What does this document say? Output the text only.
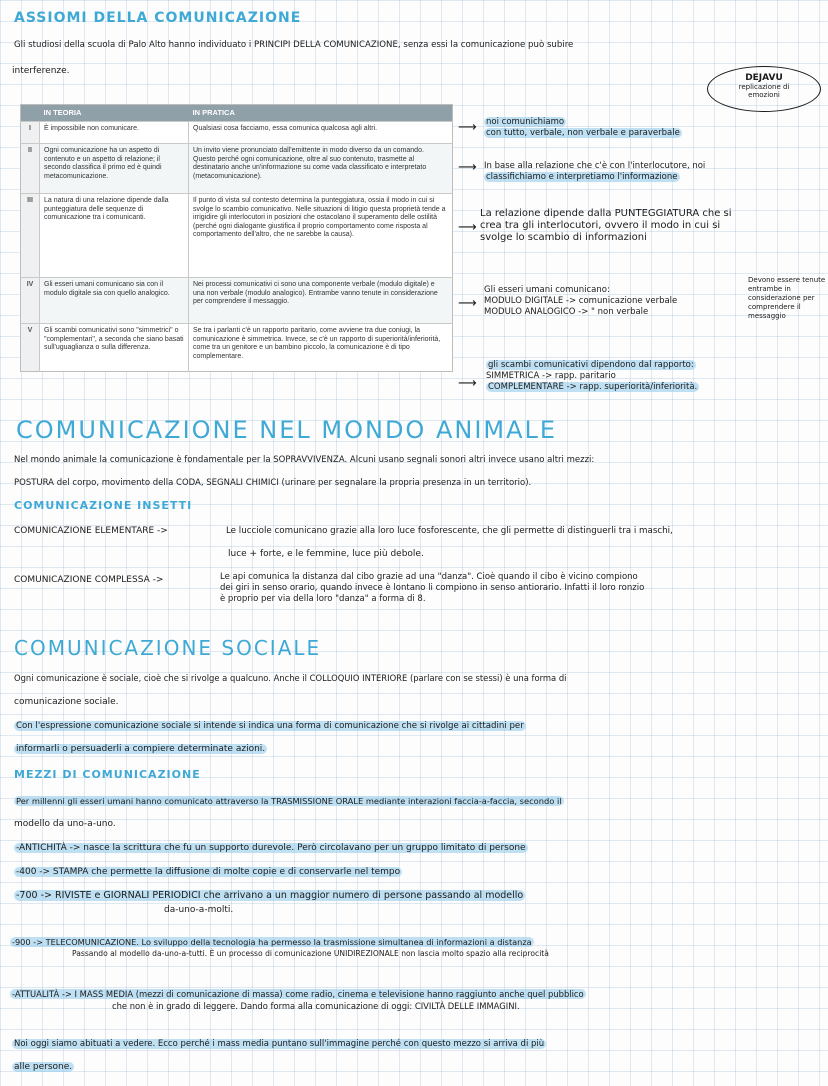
ASSIOMI DELLA COMUNICAZIONE
Gli studiosi della scuola di Palo Alto hanno individuato i PRINCIPI DELLA COMUNICAZIONE, senza essi la comunicazione può subire
interferenze.
DEJAVU
replicazione di emozioni
	IN TEORIA	IN PRATICA
I	È impossibile non comunicare.	Qualsiasi cosa facciamo, essa comunica qualcosa agli altri.
II	Ogni comunicazione ha un aspetto di contenuto e un aspetto di relazione; il secondo classifica il primo ed è quindi metacomunicazione.	Un invito viene pronunciato dall'emittente in modo diverso da un comando. Questo perché ogni comunicazione, oltre al suo contenuto, trasmette al destinatario anche un'informazione su come vada classificato e interpretato (metacomunicazione).
III	La natura di una relazione dipende dalla punteggiatura delle sequenze di comunicazione tra i comunicanti.	Il punto di vista sul contesto determina la punteggiatura, ossia il modo in cui si svolge lo scambio comunicativo. Nelle situazioni di litigio questa proprietà tende a irrigidire gli interlocutori in posizioni che ostacolano il superamento delle ostilità (perché ogni dialogante giustifica il proprio comportamento come risposta al comportamento dell'altro, che ne sarebbe la causa).
IV	Gli esseri umani comunicano sia con il modulo digitale sia con quello analogico.	Nei processi comunicativi ci sono una componente verbale (modulo digitale) e una non verbale (modulo analogico). Entrambe vanno tenute in considerazione per comprendere il messaggio.
V	Gli scambi comunicativi sono "simmetrici" o "complementari", a seconda che siano basati sull'uguaglianza o sulla differenza.	Se tra i parlanti c'è un rapporto paritario, come avviene tra due coniugi, la comunicazione è simmetrica. Invece, se c'è un rapporto di superiorità/inferiorità, come tra un genitore e un bambino piccolo, la comunicazione è di tipo complementare.
⟶ noi comunichiamo
con tutto, verbale, non verbale e paraverbale
⟶ In base alla relazione che c'è con l'interlocutore, noi
classifichiamo e interpretiamo l'informazione
⟶
La relazione dipende dalla PUNTEGGIATURA che si
crea tra gli interlocutori, ovvero il modo in cui si
svolge lo scambio di informazioni
⟶
Gli esseri umani comunicano:
MODULO DIGITALE -> comunicazione verbale
MODULO ANALOGICO -> " non verbale
Devono essere tenute entrambe in considerazione per comprendere il messaggio
⟶
gli scambi comunicativi dipendono dal rapporto:
SIMMETRICA -> rapp. paritario
COMPLEMENTARE -> rapp. superiorità/inferiorità.
COMUNICAZIONE NEL MONDO ANIMALE
Nel mondo animale la comunicazione è fondamentale per la SOPRAVVIVENZA. Alcuni usano segnali sonori altri invece usano altri mezzi:
POSTURA del corpo, movimento della CODA, SEGNALI CHIMICI (urinare per segnalare la propria presenza in un territorio).
COMUNICAZIONE INSETTI
COMUNICAZIONE ELEMENTARE ->	Le lucciole comunicano grazie alla loro luce fosforescente, che gli permette di distinguerli tra i maschi,
luce + forte, e le femmine, luce più debole.
COMUNICAZIONE COMPLESSA ->	Le api comunica la distanza dal cibo grazie ad una "danza". Cioè quando il cibo è vicino compiono
dei giri in senso orario, quando invece è lontano li compiono in senso antiorario. Infatti il loro ronzio
è proprio per via della loro "danza" a forma di 8.
COMUNICAZIONE SOCIALE
Ogni comunicazione è sociale, cioè che si rivolge a qualcuno. Anche il COLLOQUIO INTERIORE (parlare con se stessi) è una forma di
comunicazione sociale.
Con l'espressione comunicazione sociale si intende si indica una forma di comunicazione che si rivolge ai cittadini per
informarli o persuaderli a compiere determinate azioni.
MEZZI DI COMUNICAZIONE
Per millenni gli esseri umani hanno comunicato attraverso la TRASMISSIONE ORALE mediante interazioni faccia-a-faccia, secondo il
modello da uno-a-uno.
-ANTICHITÀ -> nasce la scrittura che fu un supporto durevole. Però circolavano per un gruppo limitato di persone
-400 -> STAMPA che permette la diffusione di molte copie e di conservarle nel tempo
-700 -> RIVISTE e GIORNALI PERIODICI che arrivano a un maggior numero di persone passando al modello
da-uno-a-molti.
-900 -> TELECOMUNICAZIONE. Lo sviluppo della tecnologia ha permesso la trasmissione simultanea di informazioni a distanza
Passando al modello da-uno-a-tutti. È un processo di comunicazione UNIDIREZIONALE non lascia molto spazio alla reciprocità
-ATTUALITÀ -> I MASS MEDIA (mezzi di comunicazione di massa) come radio, cinema e televisione hanno raggiunto anche quel pubblico
che non è in grado di leggere. Dando forma alla comunicazione di oggi: CIVILTÀ DELLE IMMAGINI.
Noi oggi siamo abituati a vedere. Ecco perché i mass media puntano sull'immagine perché con questo mezzo si arriva di più
alle persone.
